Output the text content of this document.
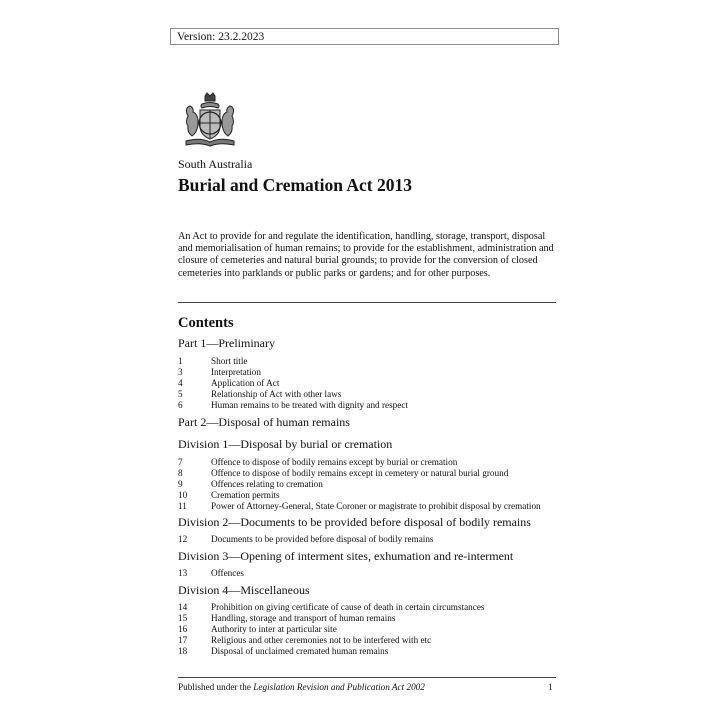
Version: 23.2.2023
South Australia
Burial and Cremation Act 2013
An Act to provide for and regulate the identification, handling, storage, transport, disposal and memorialisation of human remains; to provide for the establishment, administration and closure of cemeteries and natural burial grounds; to provide for the conversion of closed cemeteries into parklands or public parks or gardens; and for other purposes.
Contents
Part 1—Preliminary
1	Short title
3	Interpretation
4	Application of Act
5	Relationship of Act with other laws
6	Human remains to be treated with dignity and respect
Part 2—Disposal of human remains
Division 1—Disposal by burial or cremation
7	Offence to dispose of bodily remains except by burial or cremation
8	Offence to dispose of bodily remains except in cemetery or natural burial ground
9	Offences relating to cremation
10	Cremation permits
11	Power of Attorney-General, State Coroner or magistrate to prohibit disposal by cremation
Division 2—Documents to be provided before disposal of bodily remains
12	Documents to be provided before disposal of bodily remains
Division 3—Opening of interment sites, exhumation and re-interment
13	Offences
Division 4—Miscellaneous
14	Prohibition on giving certificate of cause of death in certain circumstances
15	Handling, storage and transport of human remains
16	Authority to inter at particular site
17	Religious and other ceremonies not to be interfered with etc
18	Disposal of unclaimed cremated human remains
Published under the Legislation Revision and Publication Act 2002	1
